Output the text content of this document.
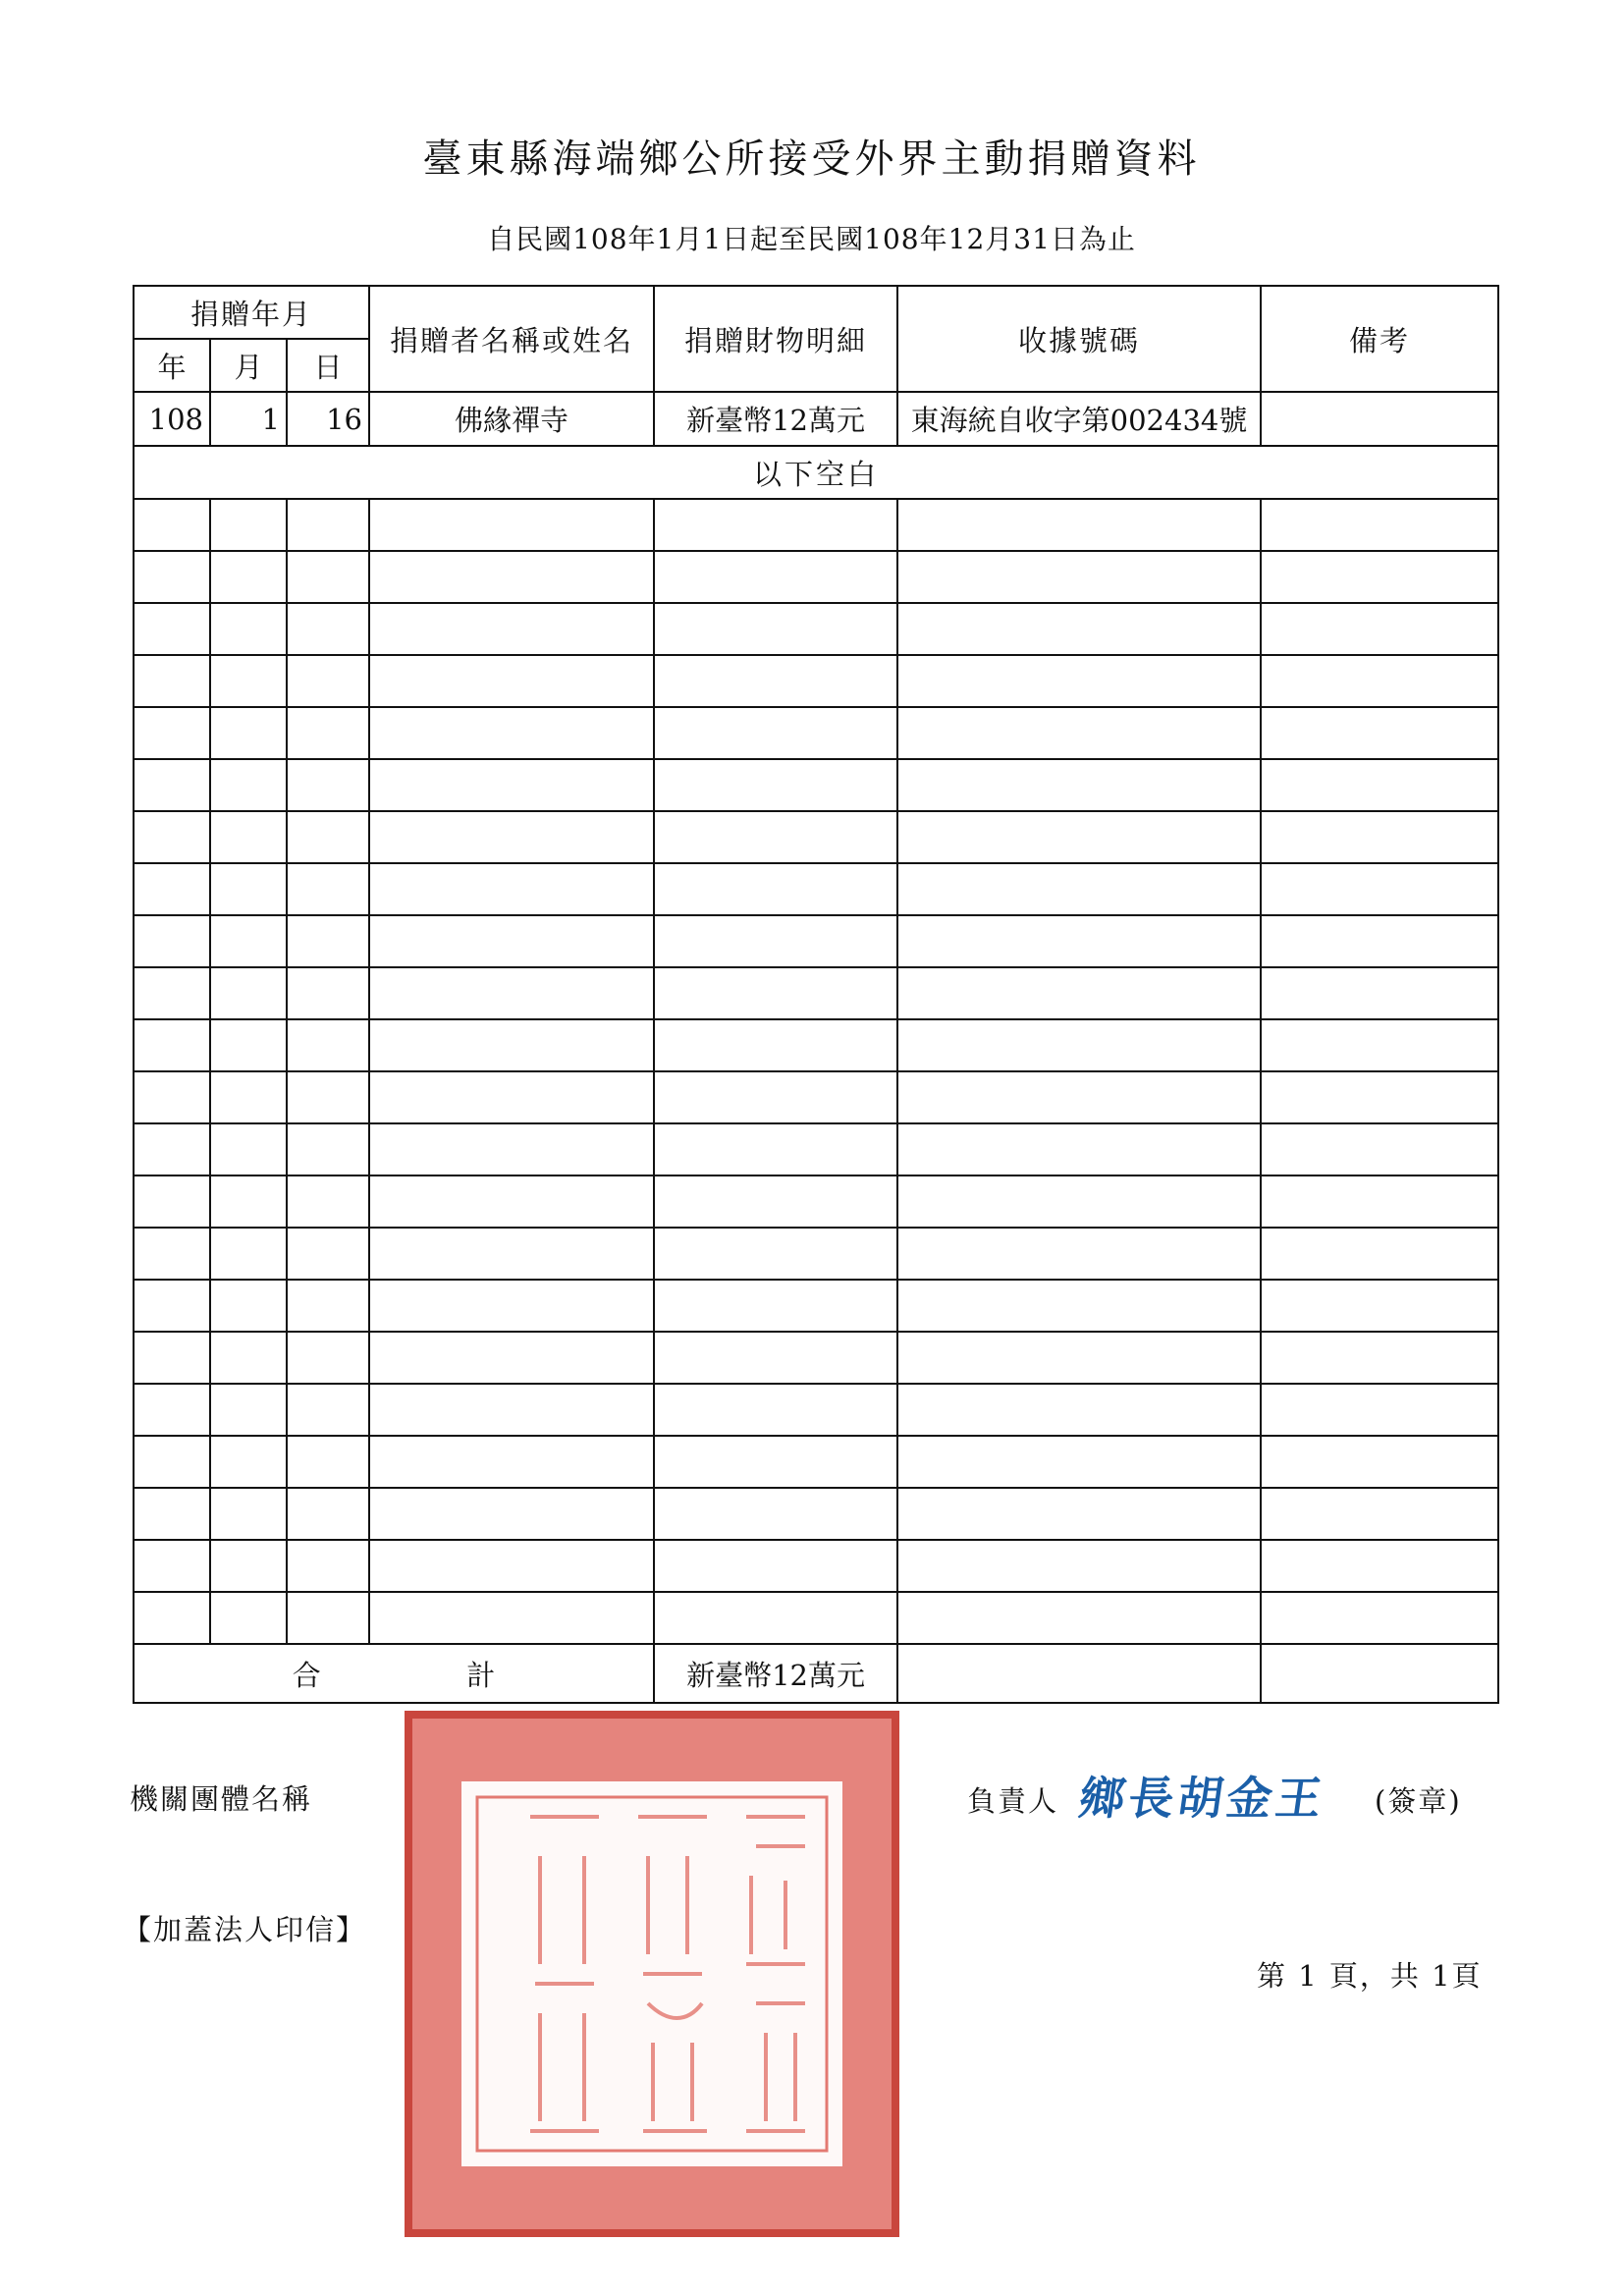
臺東縣海端鄉公所接受外界主動捐贈資料
自民國108年1月1日起至民國108年12月31日為止
捐贈年月			捐贈者名稱或姓名	捐贈財物明細	收據號碼	備考
年	月	日				
108	1	16	佛緣禪寺	新臺幣12萬元	東海統自收字第002434號	
以下空白						

合 計				新臺幣12萬元		
機關團體名稱
【加蓋法人印信】
負責人 鄉長胡金王 (簽章)
第 1 頁，共 1頁
